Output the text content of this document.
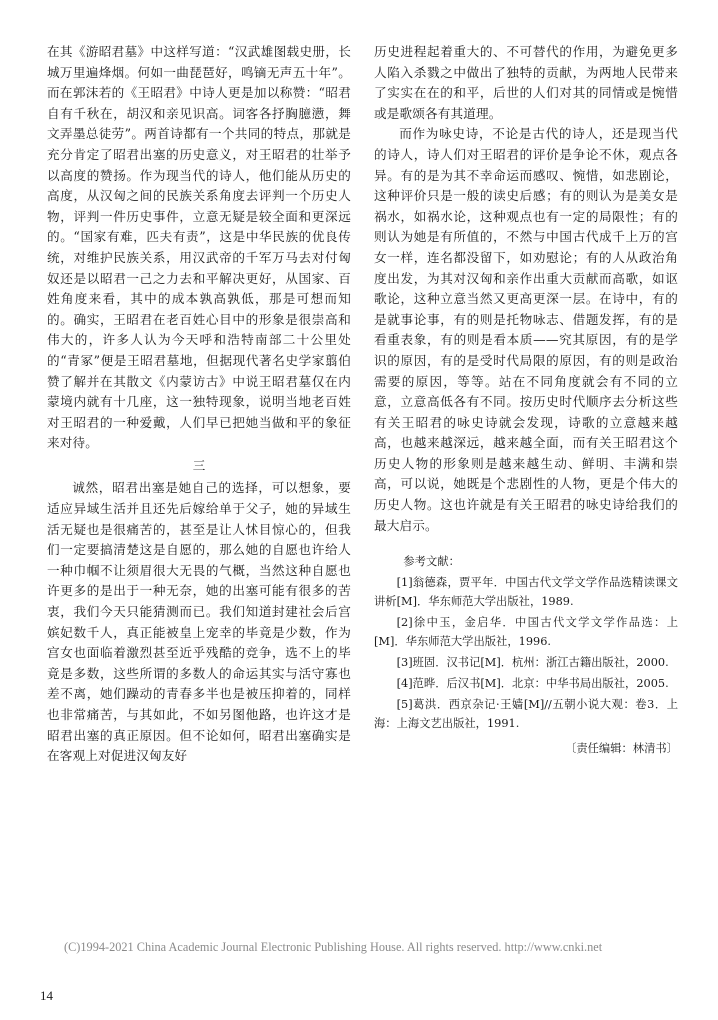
在其《游昭君墓》中这样写道：“汉武雄图载史册，长城万里遍烽烟。何如一曲琵琶好，鸣镝无声五十年”。而在郭沫若的《王昭君》中诗人更是加以称赞：“昭君自有千秋在，胡汉和亲见识高。词客各抒胸臆懑，舞文弄墨总徒劳”。两首诗都有一个共同的特点，那就是充分肯定了昭君出塞的历史意义，对王昭君的壮举予以高度的赞扬。作为现当代的诗人，他们能从历史的高度，从汉匈之间的民族关系角度去评判一个历史人物，评判一件历史事件，立意无疑是较全面和更深远的。“国家有难，匹夫有责”，这是中华民族的优良传统，对维护民族关系，用汉武帝的千军万马去对付匈奴还是以昭君一己之力去和平解决更好，从国家、百姓角度来看，其中的成本孰高孰低，那是可想而知的。确实，王昭君在老百姓心目中的形象是很崇高和伟大的，许多人认为今天呼和浩特南部二十公里处的“青冢”便是王昭君墓地，但据现代著名史学家翦伯赞了解并在其散文《内蒙访古》中说王昭君墓仅在内蒙境内就有十几座，这一独特现象，说明当地老百姓对王昭君的一种爱戴，人们早已把她当做和平的象征来对待。

三

诚然，昭君出塞是她自己的选择，可以想象，要适应异域生活并且还先后嫁给单于父子，她的异域生活无疑也是很痛苦的，甚至是让人怵目惊心的，但我们一定要搞清楚这是自愿的，那么她的自愿也许给人一种巾帼不让须眉很大无畏的气概，当然这种自愿也许更多的是出于一种无奈，她的出塞可能有很多的苦衷，我们今天只能猜测而已。我们知道封建社会后宫嫔妃数千人，真正能被皇上宠幸的毕竟是少数，作为宫女也面临着激烈甚至近乎残酷的竞争，选不上的毕竟是多数，这些所谓的多数人的命运其实与活守寡也差不离，她们躁动的青春多半也是被压抑着的，同样也非常痛苦，与其如此，不如另图他路，也许这才是昭君出塞的真正原因。但不论如何，昭君出塞确实是在客观上对促进汉匈友好

历史进程起着重大的、不可替代的作用，为避免更多人陷入杀戮之中做出了独特的贡献，为两地人民带来了实实在在的和平，后世的人们对其的同情或是惋惜或是歌颂各有其道理。

而作为咏史诗，不论是古代的诗人，还是现当代的诗人，诗人们对王昭君的评价是争论不休，观点各异。有的是为其不幸命运而感叹、惋惜，如悲剧论，这种评价只是一般的读史后感；有的则认为是美女是祸水，如祸水论，这种观点也有一定的局限性；有的则认为她是有所值的，不然与中国古代成千上万的宫女一样，连名都没留下，如劝慰论；有的人从政治角度出发，为其对汉匈和亲作出重大贡献而高歌，如讴歌论，这种立意当然又更高更深一层。在诗中，有的是就事论事，有的则是托物咏志、借题发挥，有的是看重表象，有的则是看本质——究其原因，有的是学识的原因，有的是受时代局限的原因，有的则是政治需要的原因，等等。站在不同角度就会有不同的立意，立意高低各有不同。按历史时代顺序去分析这些有关王昭君的咏史诗就会发现，诗歌的立意越来越高，也越来越深远，越来越全面，而有关王昭君这个历史人物的形象则是越来越生动、鲜明、丰满和崇高，可以说，她既是个悲剧性的人物，更是个伟大的历史人物。这也许就是有关王昭君的咏史诗给我们的最大启示。

参考文献：

[1]翁德森，贾平年．中国古代文学文学作品选精读课文讲析[M]．华东师范大学出版社，1989.

[2]徐中玉，金启华．中国古代文学文学作品选：上[M]．华东师范大学出版社，1996.

[3]班固．汉书记[M]．杭州：浙江古籍出版社，2000.

[4]范晔．后汉书[M]．北京：中华书局出版社，2005.

[5]葛洪．西京杂记·王嫱[M]//五朝小说大观：卷3．上海：上海文艺出版社，1991.

〔责任编辑：林清书〕
(C)1994-2021 China Academic Journal Electronic Publishing House. All rights reserved. http://www.cnki.net
14
